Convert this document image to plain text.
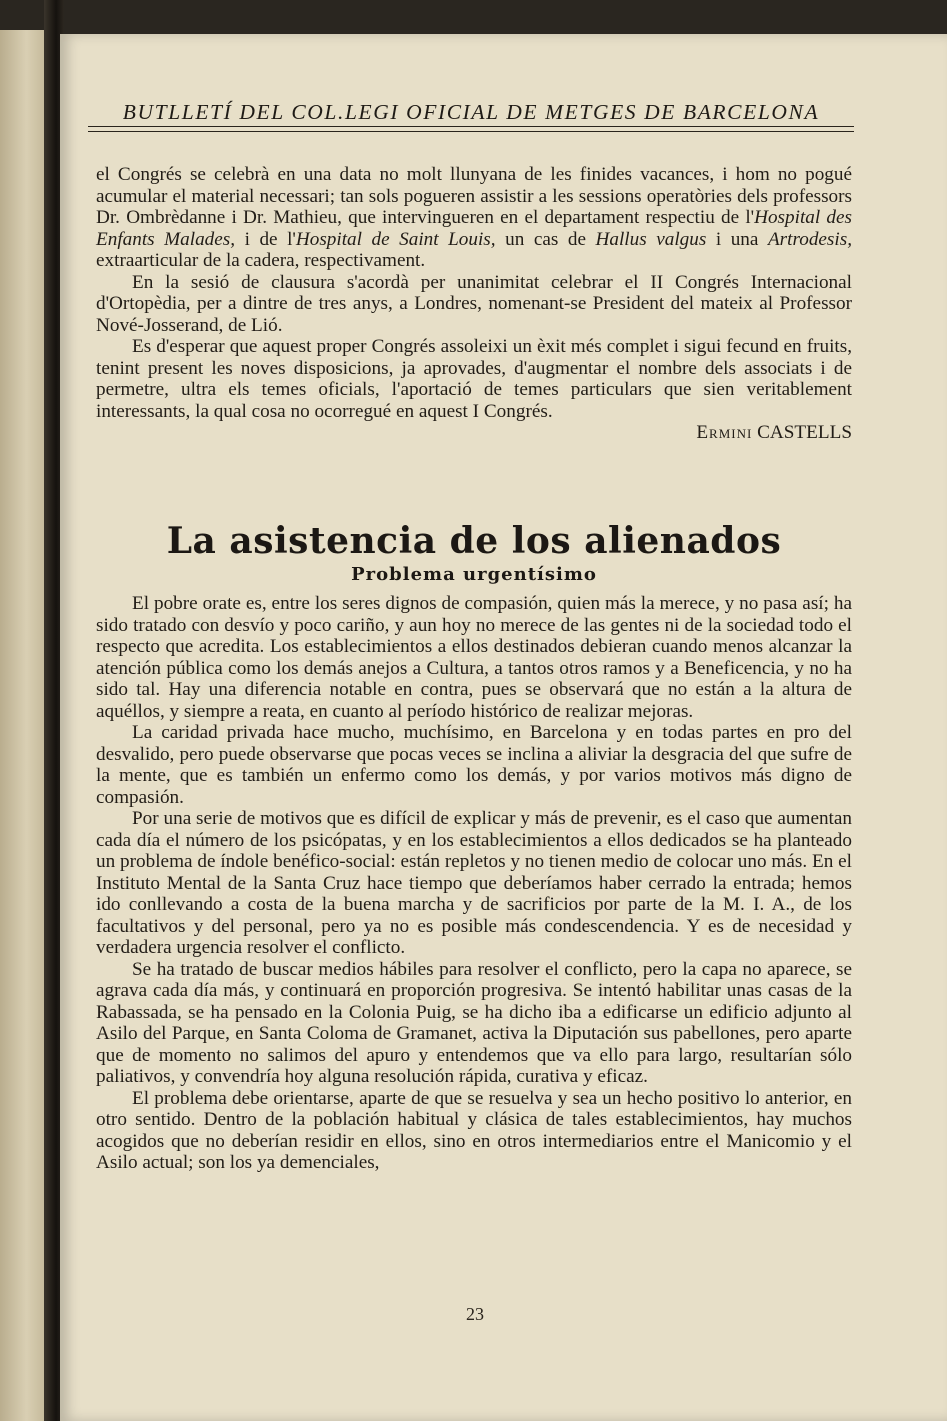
BUTLLETÍ DEL COL.LEGI OFICIAL DE METGES DE BARCELONA

el Congrés se celebrà en una data no molt llunyana de les finides vacances, i hom no pogué acumular el material necessari; tan sols pogueren assistir a les sessions operatòries dels professors Dr. Ombrèdanne i Dr. Mathieu, que intervingueren en el departament respectiu de l'Hospital des Enfants Malades, i de l'Hospital de Saint Louis, un cas de Hallus valgus i una Artrodesis, extraarticular de la cadera, respectivament.

En la sesió de clausura s'acordà per unanimitat celebrar el II Congrés Internacional d'Ortopèdia, per a dintre de tres anys, a Londres, nomenant-se President del mateix al Professor Nové-Josserand, de Lió.

Es d'esperar que aquest proper Congrés assoleixi un èxit més complet i sigui fecund en fruits, tenint present les noves disposicions, ja aprovades, d'augmentar el nombre dels associats i de permetre, ultra els temes oficials, l'aportació de temes particulars que sien veritablement interessants, la qual cosa no ocorregué en aquest I Congrés.
Ermini CASTELLS

La asistencia de los alienados
Problema urgentísimo

El pobre orate es, entre los seres dignos de compasión, quien más la merece, y no pasa así; ha sido tratado con desvío y poco cariño, y aun hoy no merece de las gentes ni de la sociedad todo el respecto que acredita. Los establecimientos a ellos destinados debieran cuando menos alcanzar la atención pública como los demás anejos a Cultura, a tantos otros ramos y a Beneficencia, y no ha sido tal. Hay una diferencia notable en contra, pues se observará que no están a la altura de aquéllos, y siempre a reata, en cuanto al período histórico de realizar mejoras.

La caridad privada hace mucho, muchísimo, en Barcelona y en todas partes en pro del desvalido, pero puede observarse que pocas veces se inclina a aliviar la desgracia del que sufre de la mente, que es también un enfermo como los demás, y por varios motivos más digno de compasión.

Por una serie de motivos que es difícil de explicar y más de prevenir, es el caso que aumentan cada día el número de los psicópatas, y en los establecimientos a ellos dedicados se ha planteado un problema de índole benéfico-social: están repletos y no tienen medio de colocar uno más. En el Instituto Mental de la Santa Cruz hace tiempo que deberíamos haber cerrado la entrada; hemos ido conllevando a costa de la buena marcha y de sacrificios por parte de la M. I. A., de los facultativos y del personal, pero ya no es posible más condescendencia. Y es de necesidad y verdadera urgencia resolver el conflicto.

Se ha tratado de buscar medios hábiles para resolver el conflicto, pero la capa no aparece, se agrava cada día más, y continuará en proporción progresiva. Se intentó habilitar unas casas de la Rabassada, se ha pensado en la Colonia Puig, se ha dicho iba a edificarse un edificio adjunto al Asilo del Parque, en Santa Coloma de Gramanet, activa la Diputación sus pabellones, pero aparte que de momento no salimos del apuro y entendemos que va ello para largo, resultarían sólo paliativos, y convendría hoy alguna resolución rápida, curativa y eficaz.

El problema debe orientarse, aparte de que se resuelva y sea un hecho positivo lo anterior, en otro sentido. Dentro de la población habitual y clásica de tales establecimientos, hay muchos acogidos que no deberían residir en ellos, sino en otros intermediarios entre el Manicomio y el Asilo actual; son los ya demenciales,

23
